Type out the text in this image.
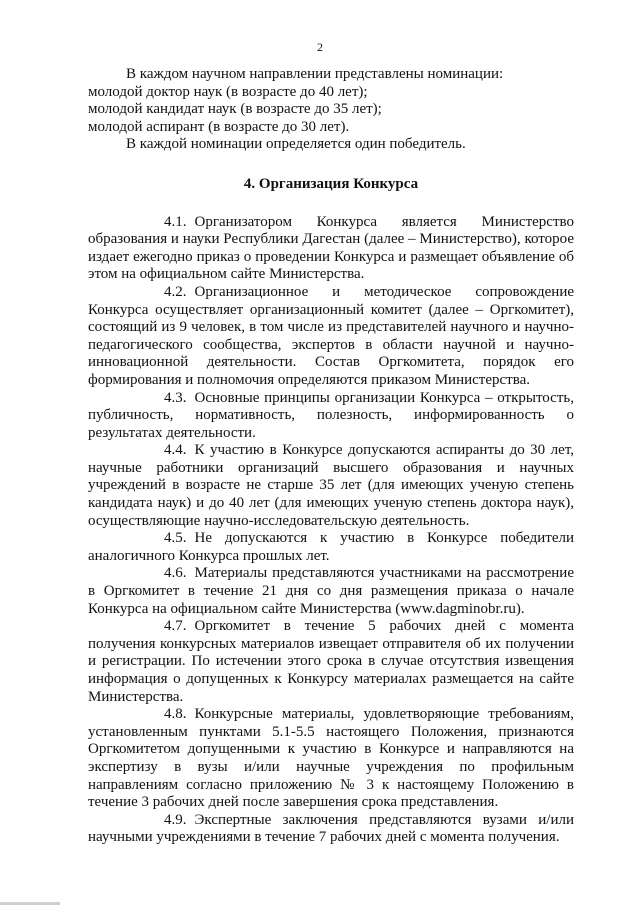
2

В каждом научном направлении представлены номинации:

молодой доктор наук (в возрасте до 40 лет);

молодой кандидат наук (в возрасте до 35 лет);

молодой аспирант (в возрасте до 30 лет).

В каждой номинации определяется один победитель.

4. Организация Конкурса

4.1. Организатором Конкурса является Министерство образования и науки Республики Дагестан (далее – Министерство), которое издает ежегодно приказ о проведении Конкурса и размещает объявление об этом на официальном сайте Министерства.

4.2. Организационное и методическое сопровождение Конкурса осуществляет организационный комитет (далее – Оргкомитет), состоящий из 9 человек, в том числе из представителей научного и научно-педагогического сообщества, экспертов в области научной и научно-инновационной деятельности. Состав Оргкомитета, порядок его формирования и полномочия определяются приказом Министерства.

4.3. Основные принципы организации Конкурса – открытость, публичность, нормативность, полезность, информированность о результатах деятельности.

4.4. К участию в Конкурсе допускаются аспиранты до 30 лет, научные работники организаций высшего образования и научных учреждений в возрасте не старше 35 лет (для имеющих ученую степень кандидата наук) и до 40 лет (для имеющих ученую степень доктора наук), осуществляющие научно-исследовательскую деятельность.

4.5. Не допускаются к участию в Конкурсе победители аналогичного Конкурса прошлых лет.

4.6. Материалы представляются участниками на рассмотрение в Оргкомитет в течение 21 дня со дня размещения приказа о начале Конкурса на официальном сайте Министерства (www.dagminobr.ru).

4.7. Оргкомитет в течение 5 рабочих дней с момента получения конкурсных материалов извещает отправителя об их получении и регистрации. По истечении этого срока в случае отсутствия извещения информация о допущенных к Конкурсу материалах размещается на сайте Министерства.

4.8. Конкурсные материалы, удовлетворяющие требованиям, установленным пунктами 5.1-5.5 настоящего Положения, признаются Оргкомитетом допущенными к участию в Конкурсе и направляются на экспертизу в вузы и/или научные учреждения по профильным направлениям согласно приложению № 3 к настоящему Положению в течение 3 рабочих дней после завершения срока представления.

4.9. Экспертные заключения представляются вузами и/или научными учреждениями в течение 7 рабочих дней с момента получения.
